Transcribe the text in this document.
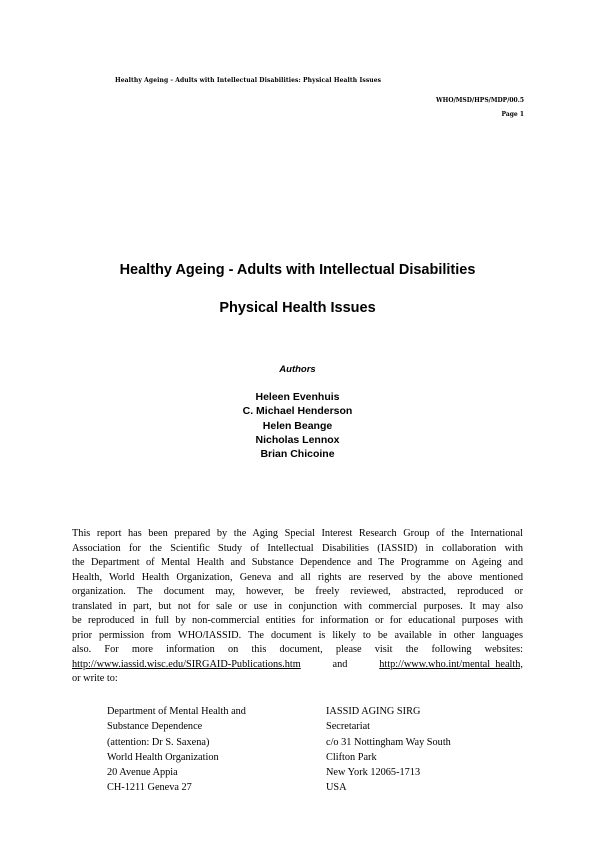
Healthy Ageing - Adults with Intellectual Disabilities: Physical Health Issues
WHO/MSD/HPS/MDP/00.5
Page 1
Healthy Ageing - Adults with Intellectual Disabilities
Physical Health Issues
Authors
Heleen Evenhuis
C. Michael Henderson
Helen Beange
Nicholas Lennox
Brian Chicoine
This report has been prepared by the Aging Special Interest Research Group of the International
Association for the Scientific Study of Intellectual Disabilities (IASSID) in collaboration with
the Department of Mental Health and Substance Dependence and The Programme on Ageing and
Health, World Health Organization, Geneva and all rights are reserved by the above mentioned
organization. The document may, however, be freely reviewed, abstracted, reproduced or
translated in part, but not for sale or use in conjunction with commercial purposes. It may also
be reproduced in full by non-commercial entities for information or for educational purposes with
prior permission from WHO/IASSID. The document is likely to be available in other languages
also. For more information on this document, please visit the following websites:
http://www.iassid.wisc.edu/SIRGAID-Publications.htm and http://www.who.int/mental_health,
or write to:
Department of Mental Health and
Substance Dependence
(attention: Dr S. Saxena)
World Health Organization
20 Avenue Appia
CH-1211 Geneva 27
IASSID AGING SIRG
Secretariat
c/o 31 Nottingham Way South
Clifton Park
New York 12065-1713
USA
